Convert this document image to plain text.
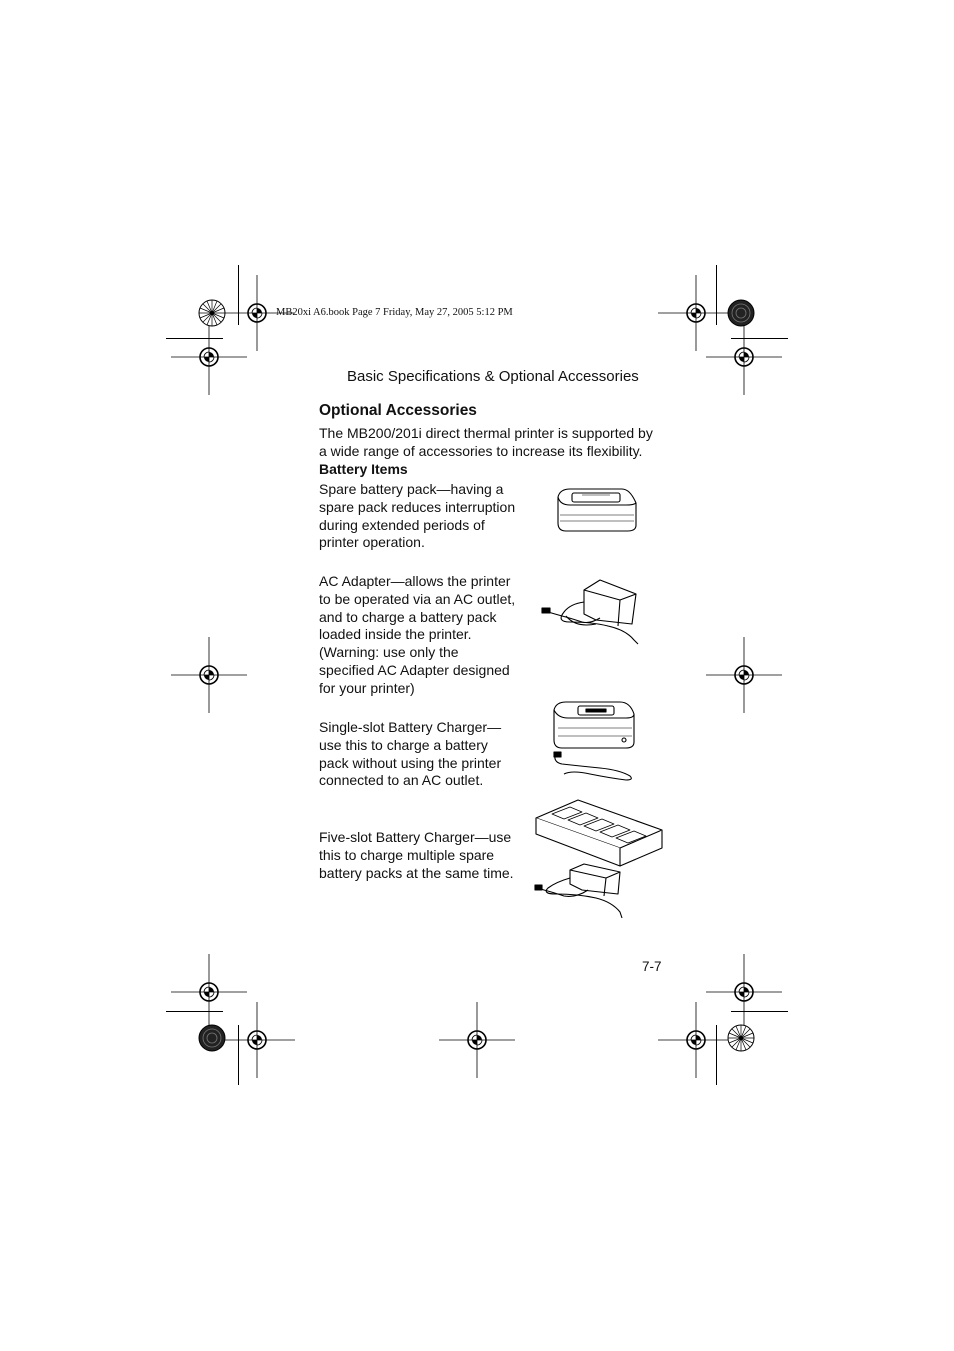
MB20xi A6.book Page 7 Friday, May 27, 2005 5:12 PM
Basic Specifications & Optional Accessories
Optional Accessories
The MB200/201i direct thermal printer is supported by a wide range of accessories to increase its flexibility.
Battery Items
Spare battery pack—having a
spare pack reduces interruption
during extended periods of
printer operation.
AC Adapter—allows the printer
to be operated via an AC outlet,
and to charge a battery pack
loaded inside the printer.
(Warning: use only the
specified AC Adapter designed
for your printer)
Single-slot Battery Charger—
use this to charge a battery
pack without using the printer
connected to an AC outlet.
Five-slot Battery Charger—use
this to charge multiple spare
battery packs at the same time.
7-7
